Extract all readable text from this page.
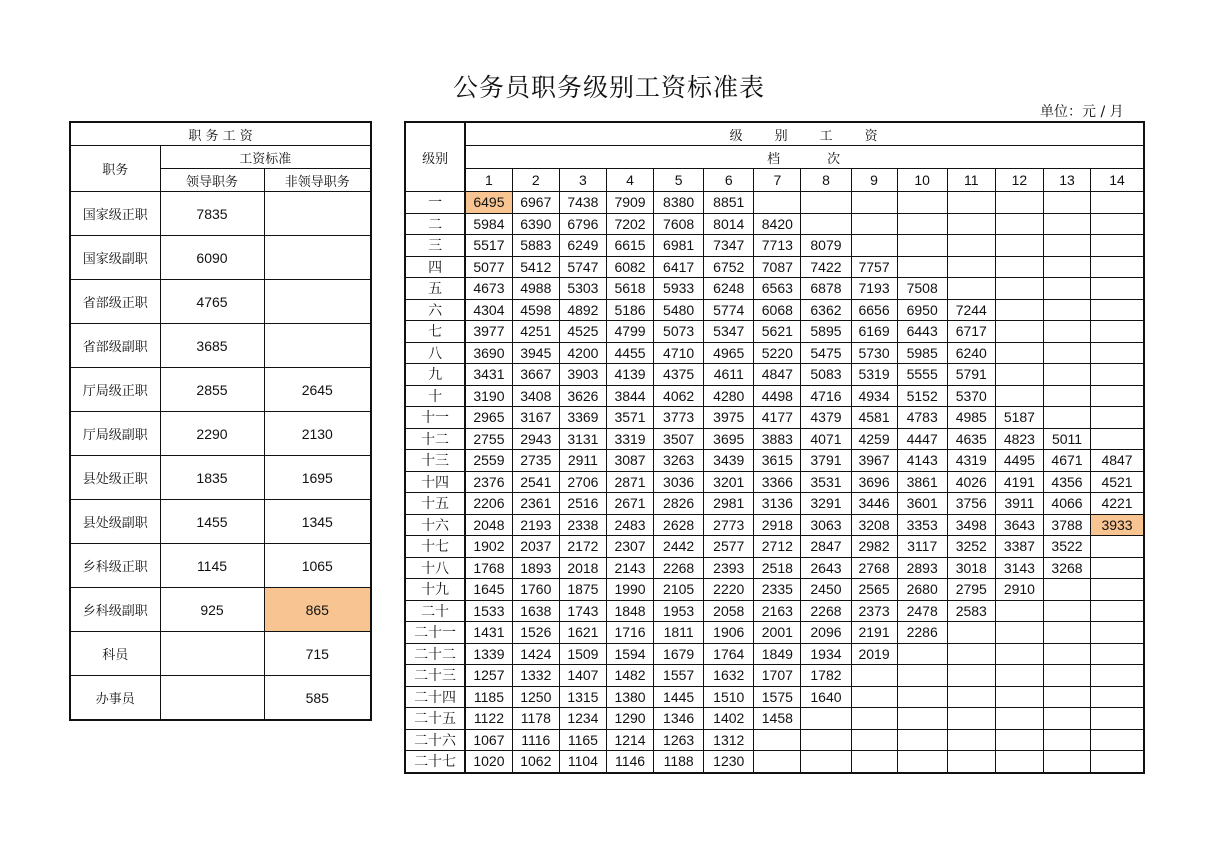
公务员职务级别工资标准表
单位：元 / 月
职 务 工 资		
职务	工资标准	
	领导职务	非领导职务
国家级正职	7835	
国家级副职	6090	
省部级正职	4765	
省部级副职	3685	
厅局级正职	2855	2645
厅局级副职	2290	2130
县处级正职	1835	1695
县处级副职	1455	1345
乡科级正职	1145	1065
乡科级副职	925	865
科员		715
办事员		585
级别	级　　别　　工　　资													
	档　　　次													
	1	2	3	4	5	6	7	8	9	10	11	12	13	14
一	6495	6967	7438	7909	8380	8851								
二	5984	6390	6796	7202	7608	8014	8420							
三	5517	5883	6249	6615	6981	7347	7713	8079						
四	5077	5412	5747	6082	6417	6752	7087	7422	7757					
五	4673	4988	5303	5618	5933	6248	6563	6878	7193	7508				
六	4304	4598	4892	5186	5480	5774	6068	6362	6656	6950	7244			
七	3977	4251	4525	4799	5073	5347	5621	5895	6169	6443	6717			
八	3690	3945	4200	4455	4710	4965	5220	5475	5730	5985	6240			
九	3431	3667	3903	4139	4375	4611	4847	5083	5319	5555	5791			
十	3190	3408	3626	3844	4062	4280	4498	4716	4934	5152	5370			
十一	2965	3167	3369	3571	3773	3975	4177	4379	4581	4783	4985	5187		
十二	2755	2943	3131	3319	3507	3695	3883	4071	4259	4447	4635	4823	5011	
十三	2559	2735	2911	3087	3263	3439	3615	3791	3967	4143	4319	4495	4671	4847
十四	2376	2541	2706	2871	3036	3201	3366	3531	3696	3861	4026	4191	4356	4521
十五	2206	2361	2516	2671	2826	2981	3136	3291	3446	3601	3756	3911	4066	4221
十六	2048	2193	2338	2483	2628	2773	2918	3063	3208	3353	3498	3643	3788	3933
十七	1902	2037	2172	2307	2442	2577	2712	2847	2982	3117	3252	3387	3522	
十八	1768	1893	2018	2143	2268	2393	2518	2643	2768	2893	3018	3143	3268	
十九	1645	1760	1875	1990	2105	2220	2335	2450	2565	2680	2795	2910		
二十	1533	1638	1743	1848	1953	2058	2163	2268	2373	2478	2583			
二十一	1431	1526	1621	1716	1811	1906	2001	2096	2191	2286				
二十二	1339	1424	1509	1594	1679	1764	1849	1934	2019					
二十三	1257	1332	1407	1482	1557	1632	1707	1782						
二十四	1185	1250	1315	1380	1445	1510	1575	1640						
二十五	1122	1178	1234	1290	1346	1402	1458							
二十六	1067	1116	1165	1214	1263	1312								
二十七	1020	1062	1104	1146	1188	1230								
